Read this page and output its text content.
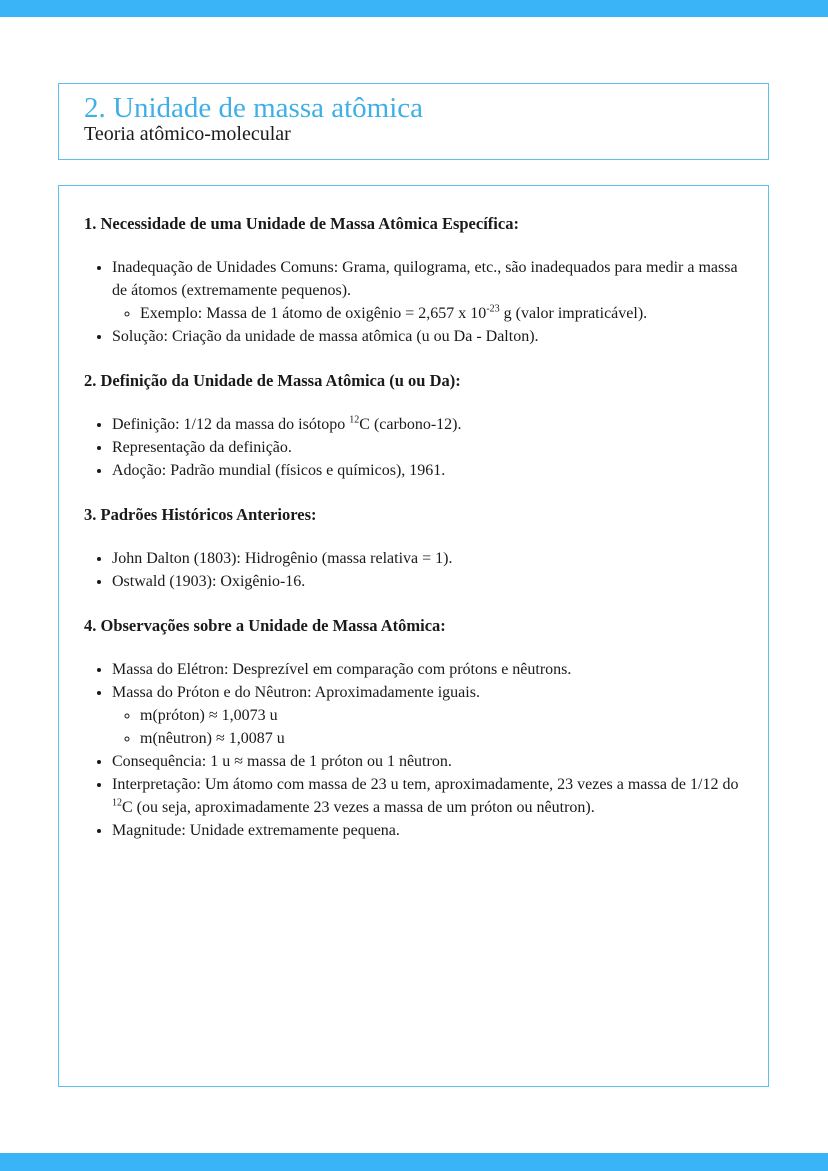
2. Unidade de massa atômica
Teoria atômico-molecular
1. Necessidade de uma Unidade de Massa Atômica Específica:
• Inadequação de Unidades Comuns: Grama, quilograma, etc., são inadequados para medir a massa de átomos (extremamente pequenos).
◦ Exemplo: Massa de 1 átomo de oxigênio = 2,657 x $10^{-23}$ g (valor impraticável).
• Solução: Criação da unidade de massa atômica (u ou Da - Dalton).
2. Definição da Unidade de Massa Atômica (u ou Da):
• Definição: 1/12 da massa do isótopo $^{12}$C (carbono-12).
• Representação da definição.
• Adoção: Padrão mundial (físicos e químicos), 1961.
3. Padrões Históricos Anteriores:
• John Dalton (1803): Hidrogênio (massa relativa = 1).
• Ostwald (1903): Oxigênio-16.
4. Observações sobre a Unidade de Massa Atômica:
• Massa do Elétron: Desprezível em comparação com prótons e nêutrons.
• Massa do Próton e do Nêutron: Aproximadamente iguais.
◦ m(próton) ≈ 1,0073 u
◦ m(nêutron) ≈ 1,0087 u
• Consequência: 1 u ≈ massa de 1 próton ou 1 nêutron.
• Interpretação: Um átomo com massa de 23 u tem, aproximadamente, 23 vezes a massa de 1/12 do $^{12}$C (ou seja, aproximadamente 23 vezes a massa de um próton ou nêutron).
• Magnitude: Unidade extremamente pequena.
